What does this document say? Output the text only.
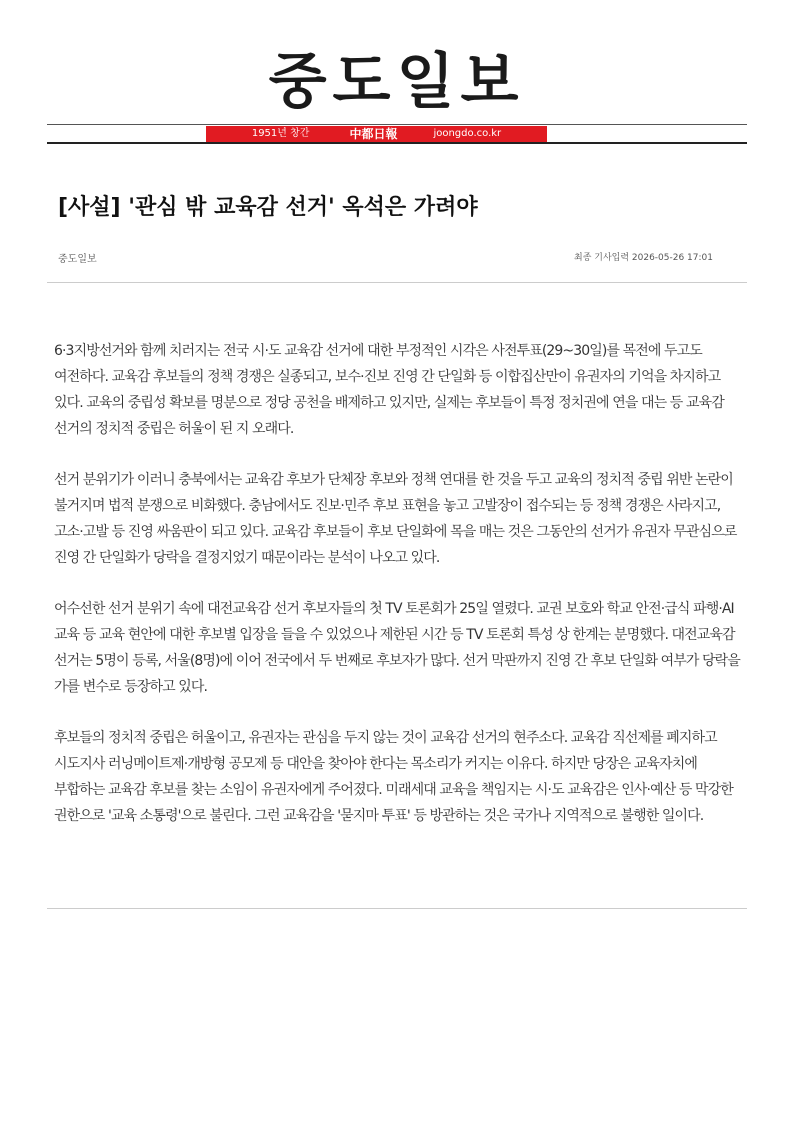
중도일보
1951년 창간	中都日報	joongdo.co.kr
[사설] '관심 밖 교육감 선거' 옥석은 가려야
중도일보	최종 기사입력 2026-05-26 17:01

6·3지방선거와 함께 치러지는 전국 시·도 교육감 선거에 대한 부정적인 시각은 사전투표(29~30일)를 목전에 두고도 여전하다. 교육감 후보들의 정책 경쟁은 실종되고, 보수·진보 진영 간 단일화 등 이합집산만이 유권자의 기억을 차지하고 있다. 교육의 중립성 확보를 명분으로 정당 공천을 배제하고 있지만, 실제는 후보들이 특정 정치권에 연을 대는 등 교육감 선거의 정치적 중립은 허울이 된 지 오래다.

선거 분위기가 이러니 충북에서는 교육감 후보가 단체장 후보와 정책 연대를 한 것을 두고 교육의 정치적 중립 위반 논란이 불거지며 법적 분쟁으로 비화했다. 충남에서도 진보·민주 후보 표현을 놓고 고발장이 접수되는 등 정책 경쟁은 사라지고, 고소·고발 등 진영 싸움판이 되고 있다. 교육감 후보들이 후보 단일화에 목을 매는 것은 그동안의 선거가 유권자 무관심으로 진영 간 단일화가 당락을 결정지었기 때문이라는 분석이 나오고 있다.

어수선한 선거 분위기 속에 대전교육감 선거 후보자들의 첫 TV 토론회가 25일 열렸다. 교권 보호와 학교 안전·급식 파행·AI 교육 등 교육 현안에 대한 후보별 입장을 들을 수 있었으나 제한된 시간 등 TV 토론회 특성 상 한계는 분명했다. 대전교육감 선거는 5명이 등록, 서울(8명)에 이어 전국에서 두 번째로 후보자가 많다. 선거 막판까지 진영 간 후보 단일화 여부가 당락을 가를 변수로 등장하고 있다.

후보들의 정치적 중립은 허울이고, 유권자는 관심을 두지 않는 것이 교육감 선거의 현주소다. 교육감 직선제를 폐지하고 시도지사 러닝메이트제·개방형 공모제 등 대안을 찾아야 한다는 목소리가 커지는 이유다. 하지만 당장은 교육자치에 부합하는 교육감 후보를 찾는 소임이 유권자에게 주어졌다. 미래세대 교육을 책임지는 시·도 교육감은 인사·예산 등 막강한 권한으로 '교육 소통령'으로 불린다. 그런 교육감을 '묻지마 투표' 등 방관하는 것은 국가나 지역적으로 불행한 일이다.
